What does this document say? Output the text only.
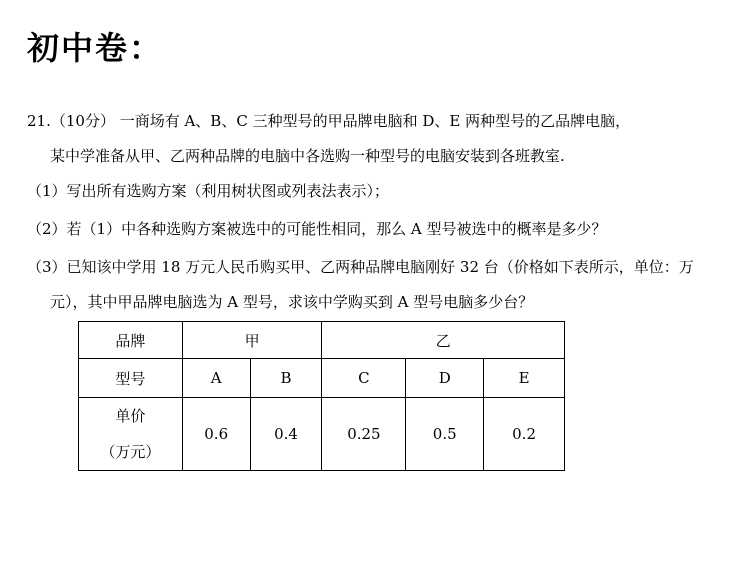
初中卷：
21.（10分） 一商场有 A、B、C 三种型号的甲品牌电脑和 D、E 两种型号的乙品牌电脑，
某中学准备从甲、乙两种品牌的电脑中各选购一种型号的电脑安装到各班教室.
（1）写出所有选购方案（利用树状图或列表法表示）；
（2）若（1）中各种选购方案被选中的可能性相同，那么 A 型号被选中的概率是多少？
（3）已知该中学用 18 万元人民币购买甲、乙两种品牌电脑刚好 32 台（价格如下表所示，单位：万
元），其中甲品牌电脑选为 A 型号，求该中学购买到 A 型号电脑多少台？
品牌	甲		乙		
型号	A	B	C	D	E

单价
（万元）	0.6	0.4	0.25	0.5	0.2
